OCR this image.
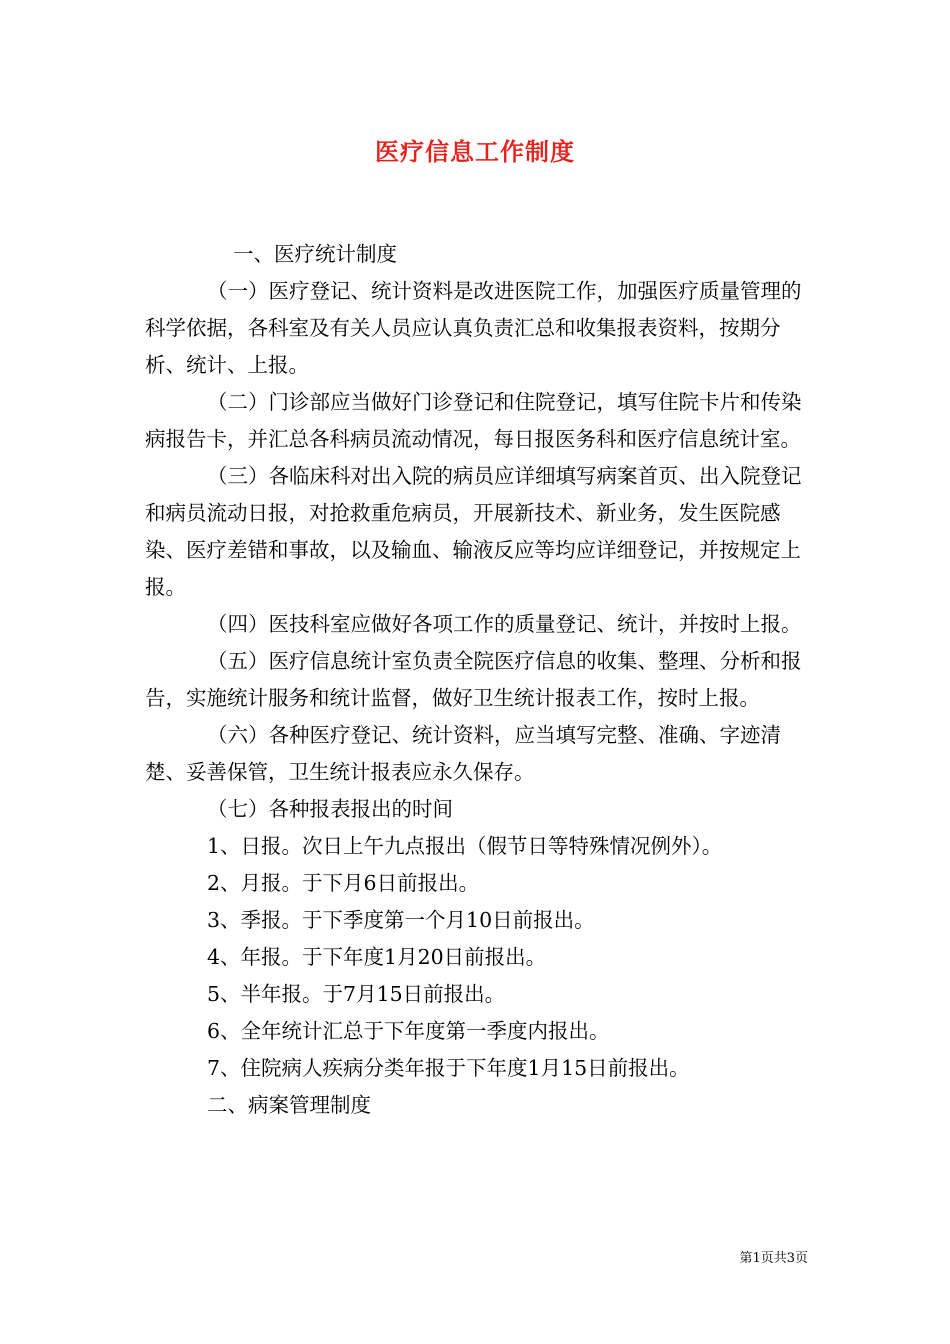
医疗信息工作制度

一、医疗统计制度

（一）医疗登记、统计资料是改进医院工作，加强医疗质量管理的科学依据，各科室及有关人员应认真负责汇总和收集报表资料，按期分析、统计、上报。

（二）门诊部应当做好门诊登记和住院登记，填写住院卡片和传染病报告卡，并汇总各科病员流动情况，每日报医务科和医疗信息统计室。

（三）各临床科对出入院的病员应详细填写病案首页、出入院登记和病员流动日报，对抢救重危病员，开展新技术、新业务，发生医院感染、医疗差错和事故，以及输血、输液反应等均应详细登记，并按规定上报。

（四）医技科室应做好各项工作的质量登记、统计，并按时上报。

（五）医疗信息统计室负责全院医疗信息的收集、整理、分析和报告，实施统计服务和统计监督，做好卫生统计报表工作，按时上报。

（六）各种医疗登记、统计资料，应当填写完整、准确、字迹清楚、妥善保管，卫生统计报表应永久保存。

（七）各种报表报出的时间

1、日报。次日上午九点报出（假节日等特殊情况例外）。

2、月报。于下月6日前报出。

3、季报。于下季度第一个月10日前报出。

4、年报。于下年度1月20日前报出。

5、半年报。于7月15日前报出。

6、全年统计汇总于下年度第一季度内报出。

7、住院病人疾病分类年报于下年度1月15日前报出。

二、病案管理制度

第1页共3页
